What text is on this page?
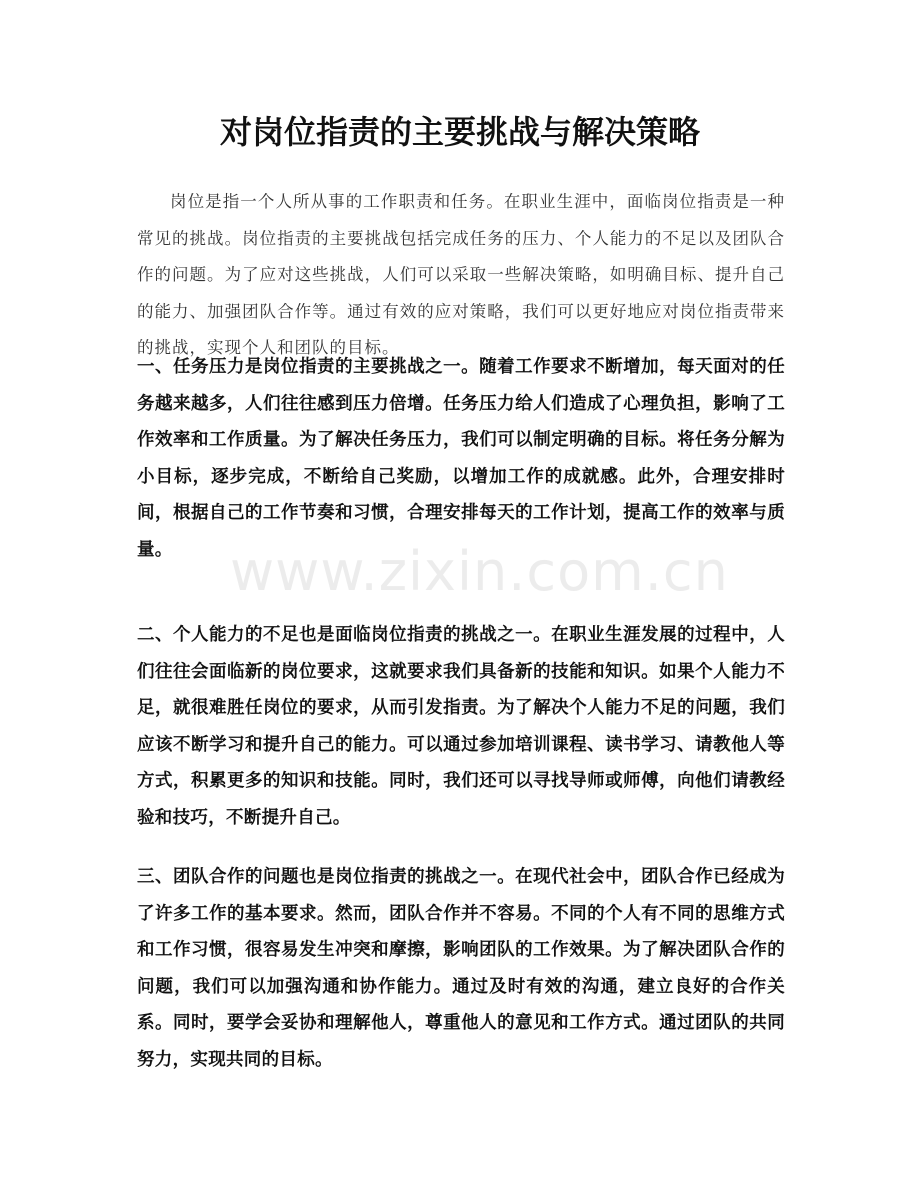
对岗位指责的主要挑战与解决策略

岗位是指一个人所从事的工作职责和任务。在职业生涯中，面临岗位指责是一种常见的挑战。岗位指责的主要挑战包括完成任务的压力、个人能力的不足以及团队合作的问题。为了应对这些挑战，人们可以采取一些解决策略，如明确目标、提升自己的能力、加强团队合作等。通过有效的应对策略，我们可以更好地应对岗位指责带来的挑战，实现个人和团队的目标。

一、任务压力是岗位指责的主要挑战之一。随着工作要求不断增加，每天面对的任务越来越多，人们往往感到压力倍增。任务压力给人们造成了心理负担，影响了工作效率和工作质量。为了解决任务压力，我们可以制定明确的目标。将任务分解为小目标，逐步完成，不断给自己奖励，以增加工作的成就感。此外，合理安排时间，根据自己的工作节奏和习惯，合理安排每天的工作计划，提高工作的效率与质量。

二、个人能力的不足也是面临岗位指责的挑战之一。在职业生涯发展的过程中，人们往往会面临新的岗位要求，这就要求我们具备新的技能和知识。如果个人能力不足，就很难胜任岗位的要求，从而引发指责。为了解决个人能力不足的问题，我们应该不断学习和提升自己的能力。可以通过参加培训课程、读书学习、请教他人等方式，积累更多的知识和技能。同时，我们还可以寻找导师或师傅，向他们请教经验和技巧，不断提升自己。

三、团队合作的问题也是岗位指责的挑战之一。在现代社会中，团队合作已经成为了许多工作的基本要求。然而，团队合作并不容易。不同的个人有不同的思维方式和工作习惯，很容易发生冲突和摩擦，影响团队的工作效果。为了解决团队合作的问题，我们可以加强沟通和协作能力。通过及时有效的沟通，建立良好的合作关系。同时，要学会妥协和理解他人，尊重他人的意见和工作方式。通过团队的共同努力，实现共同的目标。

www.zixin.com.cn
